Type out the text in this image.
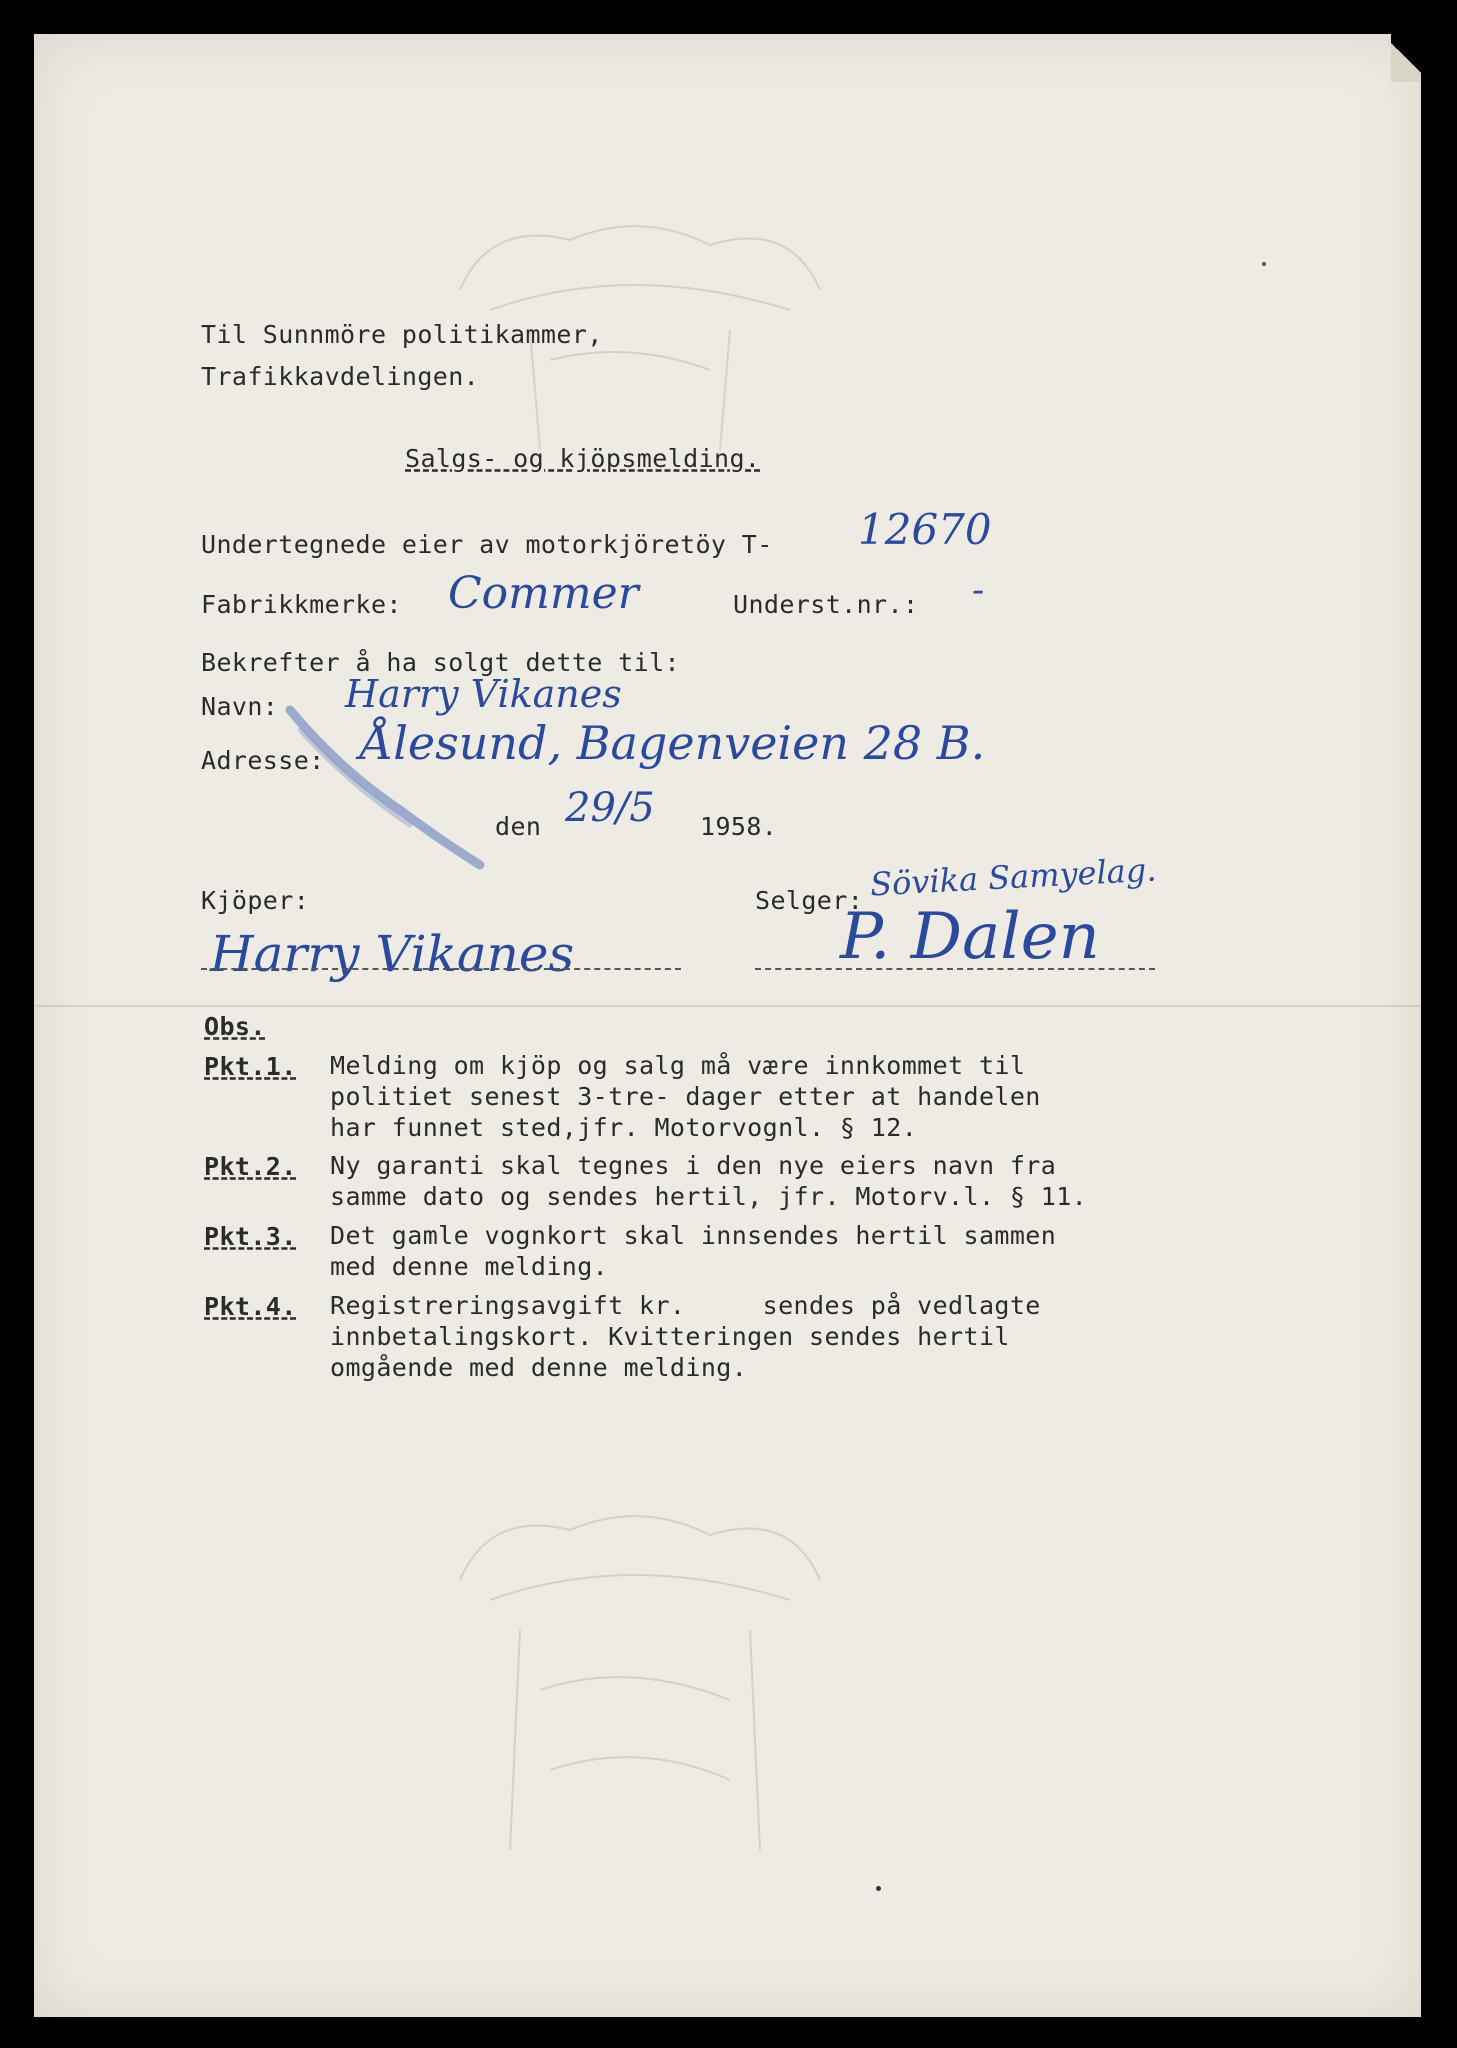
Til Sunnmöre politikammer,
Trafikkavdelingen.
Salgs- og kjöpsmelding.
Undertegnede eier av motorkjöretöy T- 12670
Fabrikkmerke: Commer	Underst.nr.: -
Bekrefter å ha solgt dette til:
Navn: Harry Vikanes
Adresse: Ålesund, Bagenveien 28 B.
den 29/5 1958.
Sövika Samyelag.
Kjöper:	Selger:
Harry Vikanes	P. Dalen
Obs.
Pkt.1. Melding om kjöp og salg må være innkommet til
politiet senest 3-tre- dager etter at handelen
har funnet sted,jfr. Motorvognl. § 12.
Pkt.2. Ny garanti skal tegnes i den nye eiers navn fra
samme dato og sendes hertil, jfr. Motorv.l. § 11.
Pkt.3. Det gamle vognkort skal innsendes hertil sammen
med denne melding.
Pkt.4. Registreringsavgift kr.     sendes på vedlagte
innbetalingskort. Kvitteringen sendes hertil
omgående med denne melding.
